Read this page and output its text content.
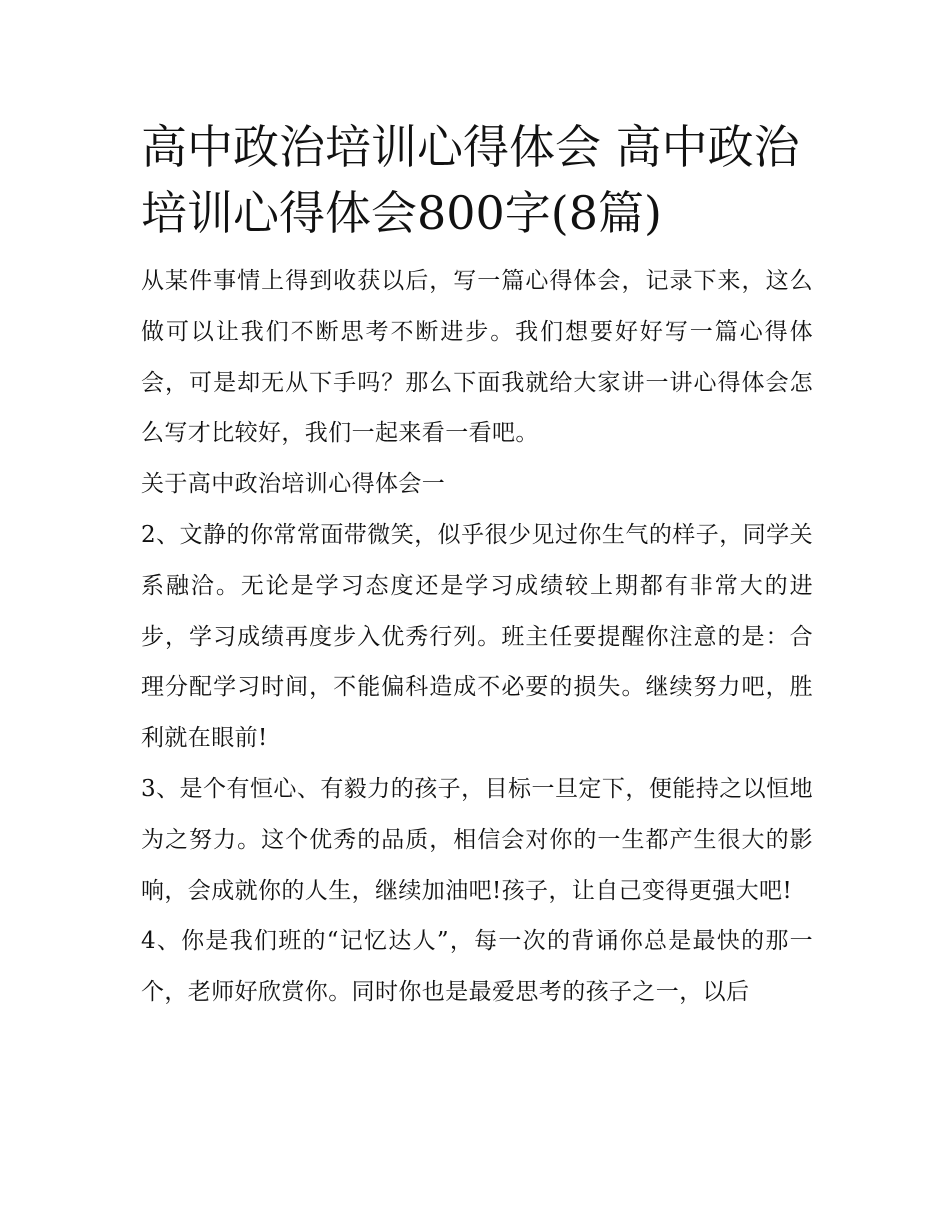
高中政治培训心得体会 高中政治培训心得体会800字(8篇)

从某件事情上得到收获以后，写一篇心得体会，记录下来，这么做可以让我们不断思考不断进步。我们想要好好写一篇心得体会，可是却无从下手吗？那么下面我就给大家讲一讲心得体会怎么写才比较好，我们一起来看一看吧。

关于高中政治培训心得体会一

2、文静的你常常面带微笑，似乎很少见过你生气的样子，同学关系融洽。无论是学习态度还是学习成绩较上期都有非常大的进步，学习成绩再度步入优秀行列。班主任要提醒你注意的是：合理分配学习时间，不能偏科造成不必要的损失。继续努力吧，胜利就在眼前!

3、是个有恒心、有毅力的孩子，目标一旦定下，便能持之以恒地为之努力。这个优秀的品质，相信会对你的一生都产生很大的影响，会成就你的人生，继续加油吧!孩子，让自己变得更强大吧!

4、你是我们班的“记忆达人”，每一次的背诵你总是最快的那一个，老师好欣赏你。同时你也是最爱思考的孩子之一，以后
